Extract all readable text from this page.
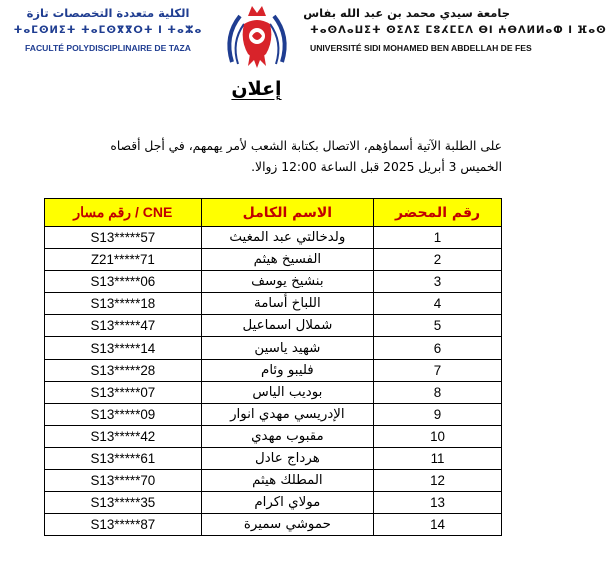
الكلية متعددة التخصصات تازة
ⵜⴰⵎⵙⵍⵉⵜ ⵜⴰⵎⵙⴳⴳⵔⵜ ⵏ ⵜⴰⵣⴰ
FACULTÉ POLYDISCIPLINAIRE DE TAZA
جامعة سيدي محمد بن عبد الله بفاس
ⵜⴰⵙⴷⴰⵡⵉⵜ ⵙⵉⴷⵉ ⵎⵓⵃⵎⵎⴷ ⴱⵏ ⵄⴱⴷⵍⵍⴰⵀ ⵏ ⴼⴰⵙ
UNIVERSITÉ SIDI MOHAMED BEN ABDELLAH DE FES
إعلان
على الطلبة الآتية أسماؤهم، الاتصال بكتابة الشعب لأمر يهمهم، في أجل أقصاه
الخميس 3 أبريل 2025 قبل الساعة 12:00 زوالا.
رقم مسار / CNE	الاسم الكامل	رقم المحضر
S13*****57	ولدخالتي عبد المغيث	1
Z21*****71	الفسيخ هيثم	2
S13*****06	بنشيخ يوسف	3
S13*****18	اللباخ أسامة	4
S13*****47	شملال اسماعيل	5
S13*****14	شهيد ياسين	6
S13*****28	فليبو وئام	7
S13*****07	بوديب الياس	8
S13*****09	الإدريسي مهدي انوار	9
S13*****42	مقبوب مهدي	10
S13*****61	هرداج عادل	11
S13*****70	المطلك هيثم	12
S13*****35	مولاي اكرام	13
S13*****87	حموشي سميرة	14
